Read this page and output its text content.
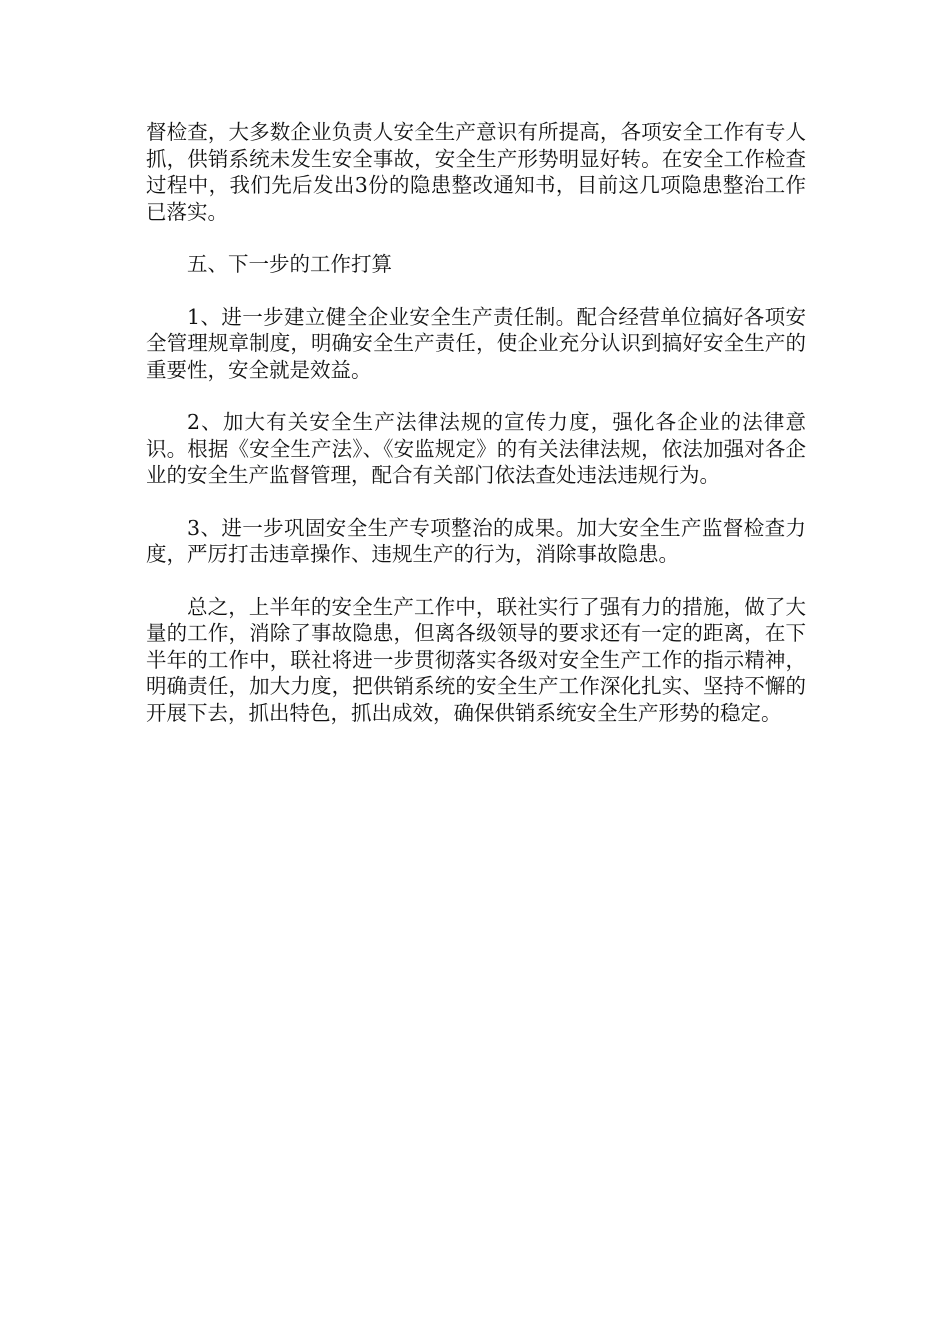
督检查，大多数企业负责人安全生产意识有所提高，各项安全工作有专人抓，供销系统未发生安全事故，安全生产形势明显好转。在安全工作检查过程中，我们先后发出3份的隐患整改通知书，目前这几项隐患整治工作已落实。

五、下一步的工作打算

1、进一步建立健全企业安全生产责任制。配合经营单位搞好各项安全管理规章制度，明确安全生产责任，使企业充分认识到搞好安全生产的重要性，安全就是效益。

2、加大有关安全生产法律法规的宣传力度，强化各企业的法律意识。根据《安全生产法》、《安监规定》的有关法律法规，依法加强对各企业的安全生产监督管理，配合有关部门依法查处违法违规行为。

3、进一步巩固安全生产专项整治的成果。加大安全生产监督检查力度，严厉打击违章操作、违规生产的行为，消除事故隐患。

总之，上半年的安全生产工作中，联社实行了强有力的措施，做了大量的工作，消除了事故隐患，但离各级领导的要求还有一定的距离，在下半年的工作中，联社将进一步贯彻落实各级对安全生产工作的指示精神，明确责任，加大力度，把供销系统的安全生产工作深化扎实、坚持不懈的开展下去，抓出特色，抓出成效，确保供销系统安全生产形势的稳定。
